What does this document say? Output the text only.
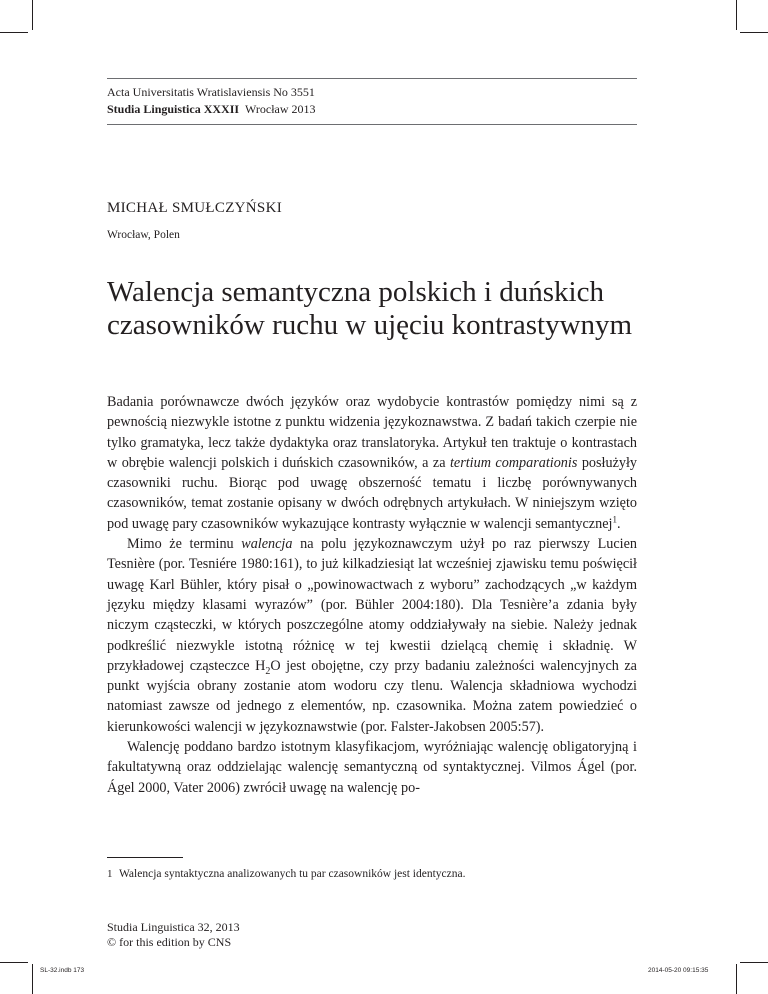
Acta Universitatis Wratislaviensis No 3551
Studia Linguistica XXXII Wrocław 2013
MICHAŁ SMUŁCZYŃSKI
Wrocław, Polen
Walencja semantyczna polskich i duńskich czasowników ruchu w ujęciu kontrastywnym

Badania porównawcze dwóch języków oraz wydobycie kontrastów pomiędzy nimi są z pewnością niezwykle istotne z punktu widzenia językoznawstwa. Z badań takich czerpie nie tylko gramatyka, lecz także dydaktyka oraz translatoryka. Artykuł ten traktuje o kontrastach w obrębie walencji polskich i duńskich czasowników, a za tertium comparationis posłużyły czasowniki ruchu. Biorąc pod uwagę obszerność tematu i liczbę porównywanych czasowników, temat zostanie opisany w dwóch odrębnych artykułach. W niniejszym wzięto pod uwagę pary czasowników wykazujące kontrasty wyłącznie w walencji semantycznej$^1$.

Mimo że terminu walencja na polu językoznawczym użył po raz pierwszy Lucien Tesnière (por. Tesniére 1980:161), to już kilkadziesiąt lat wcześniej zjawisku temu poświęcił uwagę Karl Bühler, który pisał o „powinowactwach z wyboru” zachodzących „w każdym języku między klasami wyrazów” (por. Bühler 2004:180). Dla Tesnière’a zdania były niczym cząsteczki, w których poszczególne atomy oddziaływały na siebie. Należy jednak podkreślić niezwykle istotną różnicę w tej kwestii dzielącą chemię i składnię. W przykładowej cząsteczce $H_2O$ jest obojętne, czy przy badaniu zależności walencyjnych za punkt wyjścia obrany zostanie atom wodoru czy tlenu. Walencja składniowa wychodzi natomiast zawsze od jednego z elementów, np. czasownika. Można zatem powiedzieć o kierunkowości walencji w językoznawstwie (por. Falster-Jakobsen 2005:57).

Walencję poddano bardzo istotnym klasyfikacjom, wyróżniając walencję obligatoryjną i fakultatywną oraz oddzielając walencję semantyczną od syntaktycznej. Vilmos Ágel (por. Ágel 2000, Vater 2006) zwrócił uwagę na walencję po-

1 Walencja syntaktyczna analizowanych tu par czasowników jest identyczna.
Studia Linguistica 32, 2013
© for this edition by CNS
SL-32.indb 173	2014-05-20 09:15:35
